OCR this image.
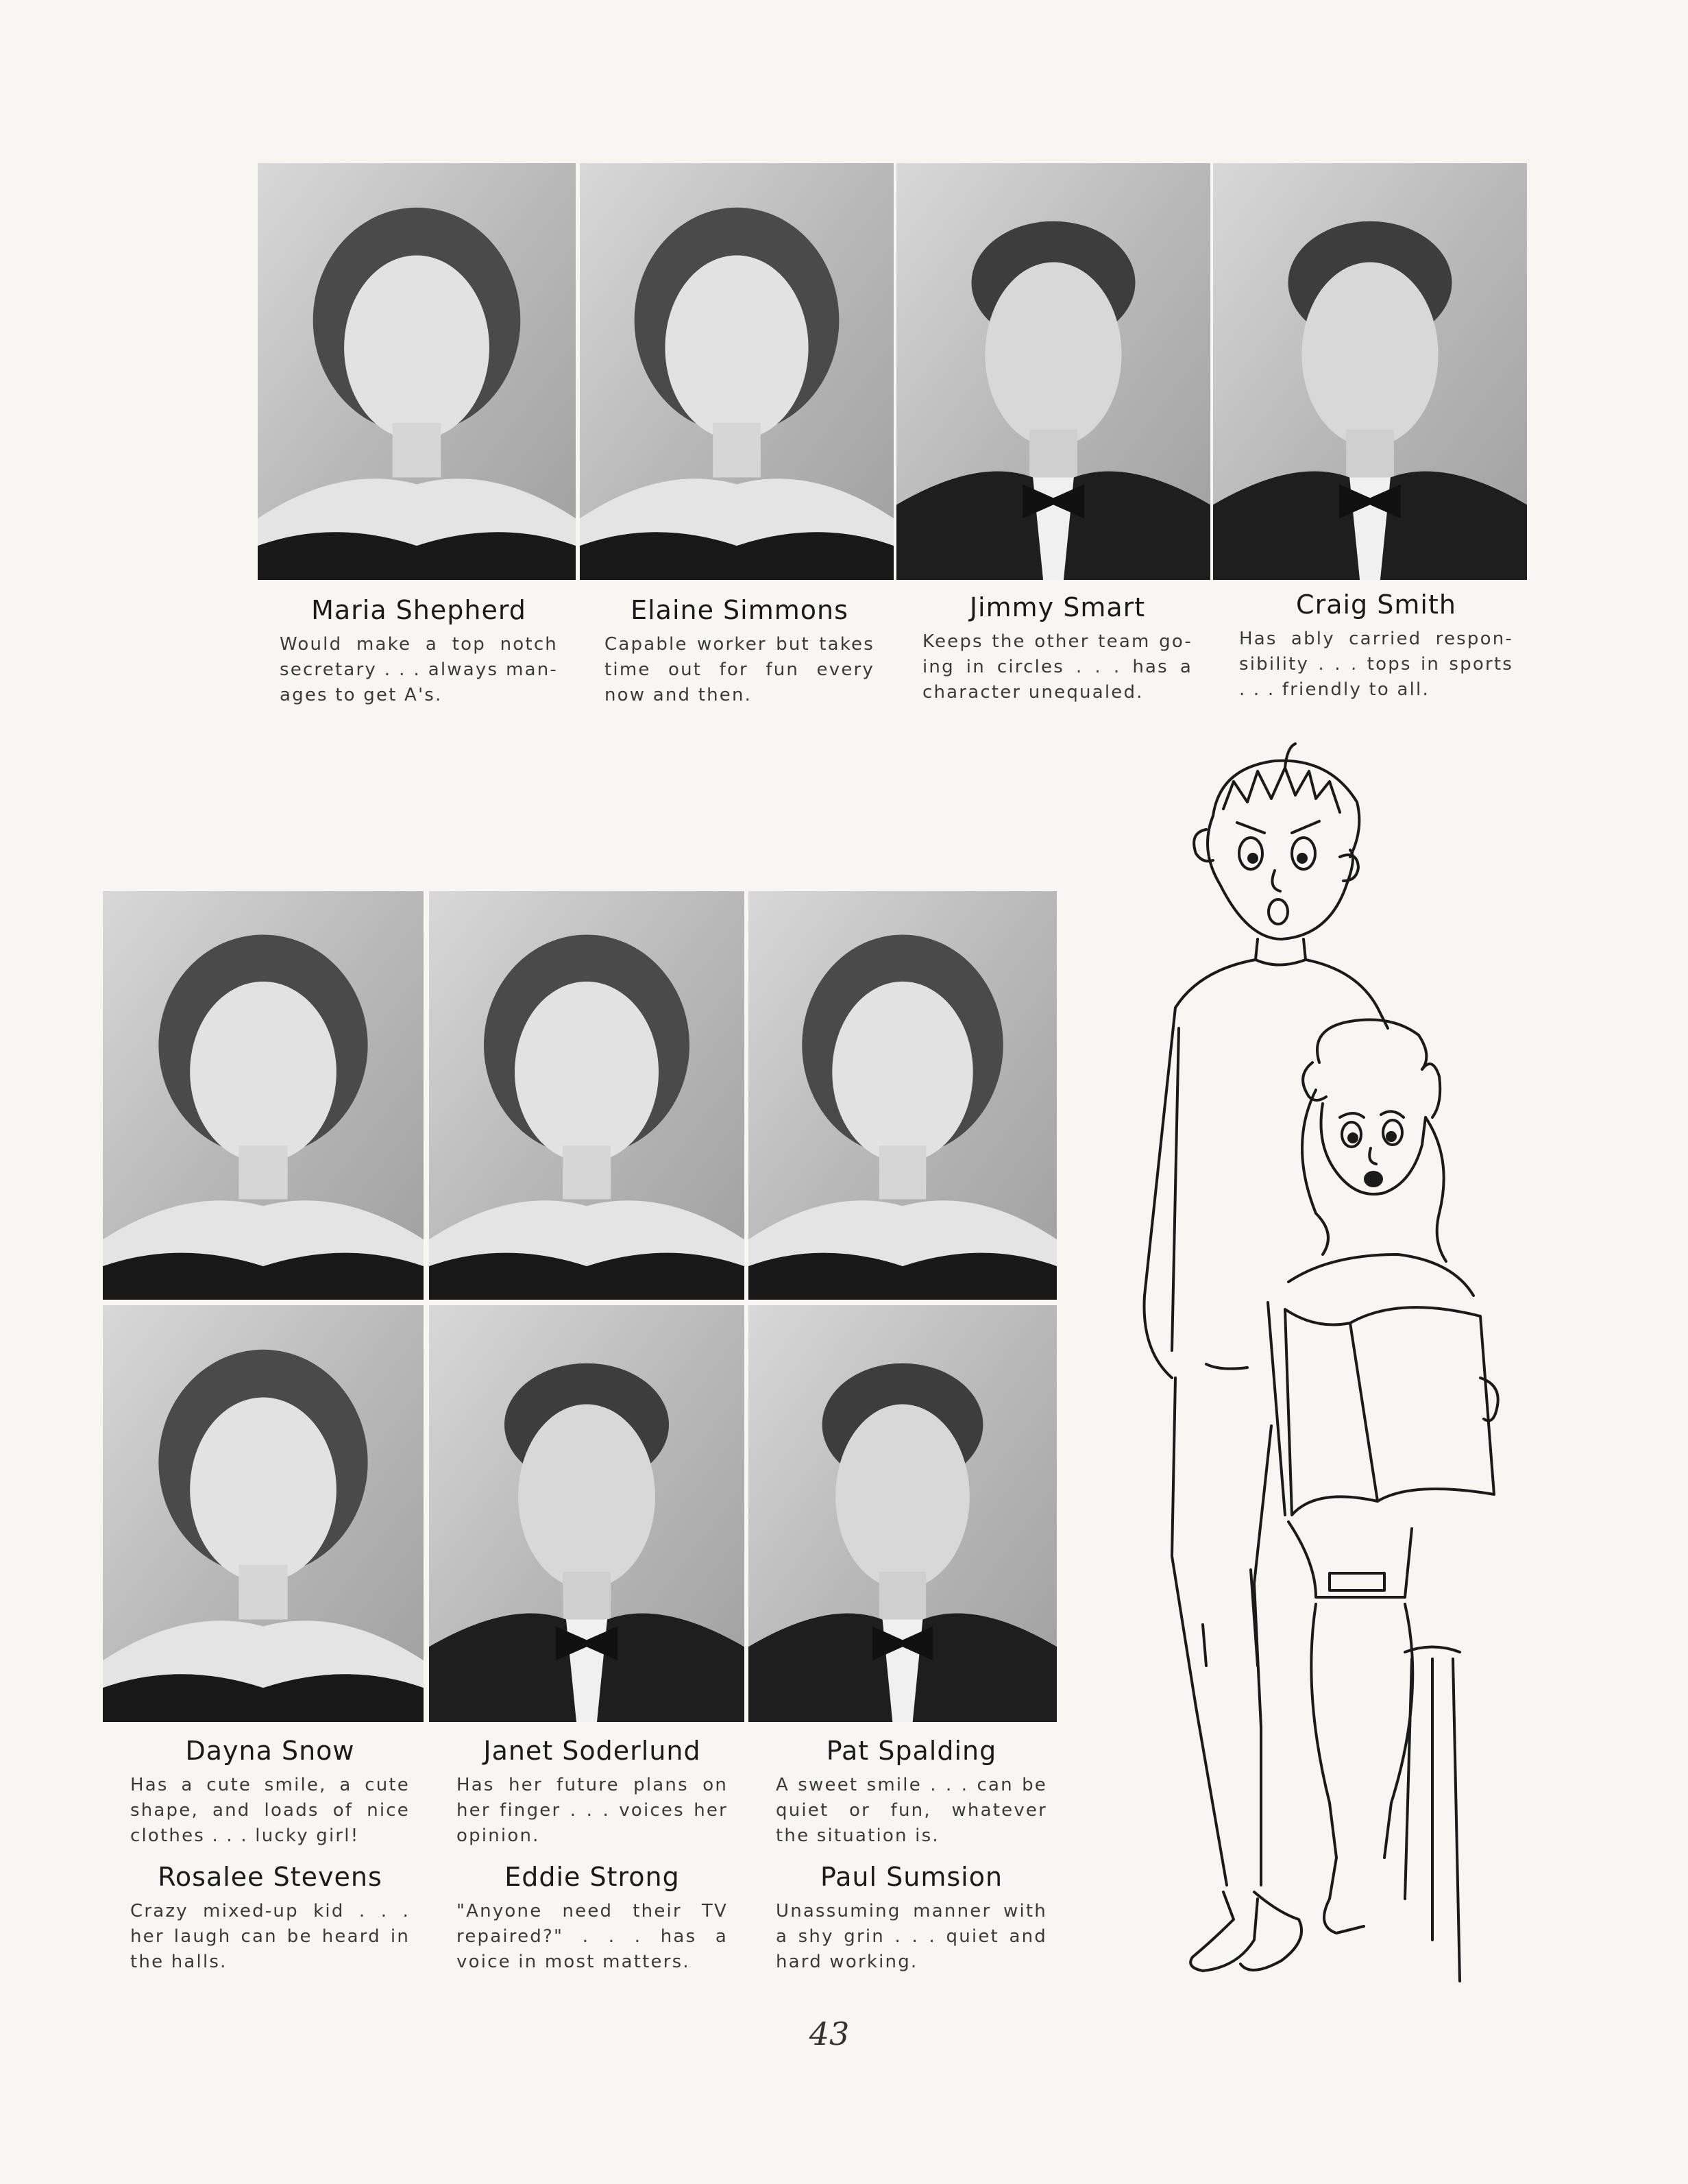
Maria Shepherd
Would make a top notch secretary . . . always man-ages to get A's.
Elaine Simmons
Capable worker but takes time out for fun every now and then.
Jimmy Smart
Keeps the other team go-ing in circles . . . has a character unequaled.
Craig Smith
Has ably carried respon-sibility . . . tops in sports . . . friendly to all.
Dayna Snow
Has a cute smile, a cute shape, and loads of nice clothes . . . lucky girl!
Janet Soderlund
Has her future plans on her finger . . . voices her opinion.
Pat Spalding
A sweet smile . . . can be quiet or fun, whatever the situation is.
Rosalee Stevens
Crazy mixed-up kid . . . her laugh can be heard in the halls.
Eddie Strong
"Anyone need their TV repaired?" . . . has a voice in most matters.
Paul Sumsion
Unassuming manner with a shy grin . . . quiet and hard working.
43
